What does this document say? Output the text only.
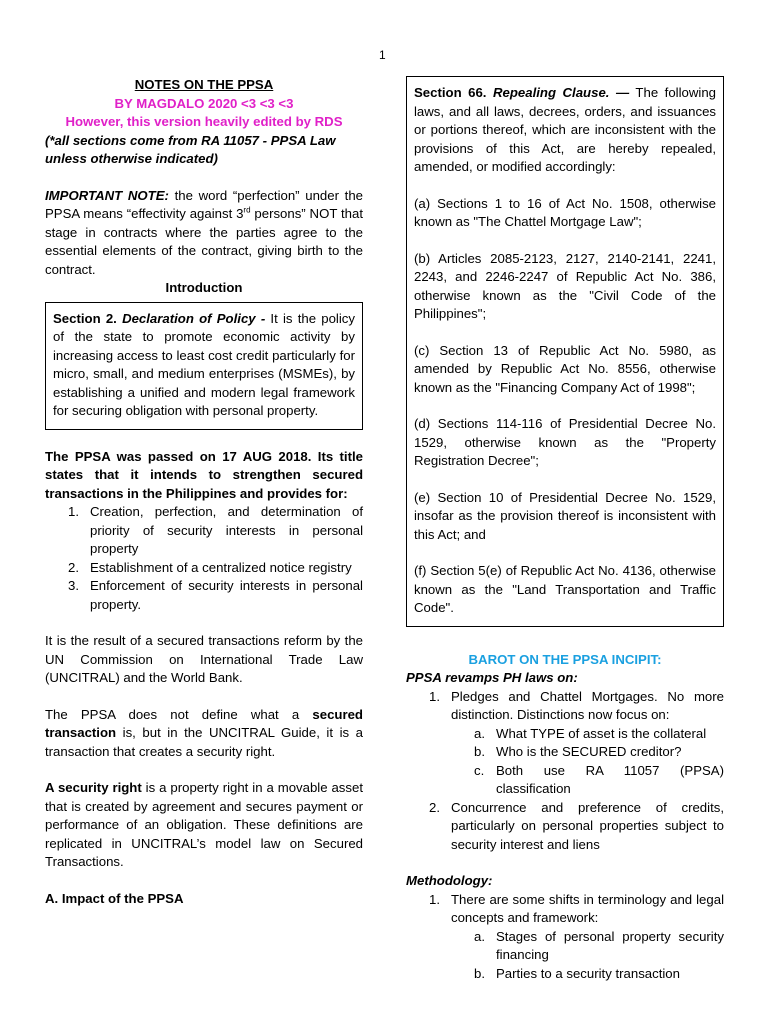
1

NOTES ON THE PPSA

BY MAGDALO 2020 <3 <3 <3

However, this version heavily edited by RDS

(*all sections come from RA 11057 - PPSA Law unless otherwise indicated)

IMPORTANT NOTE: the word “perfection” under the PPSA means “effectivity against 3rd persons” NOT that stage in contracts where the parties agree to the essential elements of the contract, giving birth to the contract.

Introduction

Section 2. Declaration of Policy - It is the policy of the state to promote economic activity by increasing access to least cost credit particularly for micro, small, and medium enterprises (MSMEs), by establishing a unified and modern legal framework for securing obligation with personal property.

The PPSA was passed on 17 AUG 2018. Its title states that it intends to strengthen secured transactions in the Philippines and provides for:

1. Creation, perfection, and determination of priority of security interests in personal property
2. Establishment of a centralized notice registry
3. Enforcement of security interests in personal property.

It is the result of a secured transactions reform by the UN Commission on International Trade Law (UNCITRAL) and the World Bank.

The PPSA does not define what a secured transaction is, but in the UNCITRAL Guide, it is a transaction that creates a security right.

A security right is a property right in a movable asset that is created by agreement and secures payment or performance of an obligation. These definitions are replicated in UNCITRAL’s model law on Secured Transactions.

A. Impact of the PPSA

Section 66. Repealing Clause. — The following laws, and all laws, decrees, orders, and issuances or portions thereof, which are inconsistent with the provisions of this Act, are hereby repealed, amended, or modified accordingly:

(a) Sections 1 to 16 of Act No. 1508, otherwise known as "The Chattel Mortgage Law";

(b) Articles 2085-2123, 2127, 2140-2141, 2241, 2243, and 2246-2247 of Republic Act No. 386, otherwise known as the "Civil Code of the Philippines";

(c) Section 13 of Republic Act No. 5980, as amended by Republic Act No. 8556, otherwise known as the "Financing Company Act of 1998";

(d) Sections 114-116 of Presidential Decree No. 1529, otherwise known as the "Property Registration Decree";

(e) Section 10 of Presidential Decree No. 1529, insofar as the provision thereof is inconsistent with this Act; and

(f) Section 5(e) of Republic Act No. 4136, otherwise known as the "Land Transportation and Traffic Code".

BAROT ON THE PPSA INCIPIT:

PPSA revamps PH laws on:

1. Pledges and Chattel Mortgages. No more distinction. Distinctions now focus on:
a. What TYPE of asset is the collateral
b. Who is the SECURED creditor?
c. Both use RA 11057 (PPSA) classification
2. Concurrence and preference of credits, particularly on personal properties subject to security interest and liens

Methodology:

1. There are some shifts in terminology and legal concepts and framework:
a. Stages of personal property security financing
b. Parties to a security transaction
